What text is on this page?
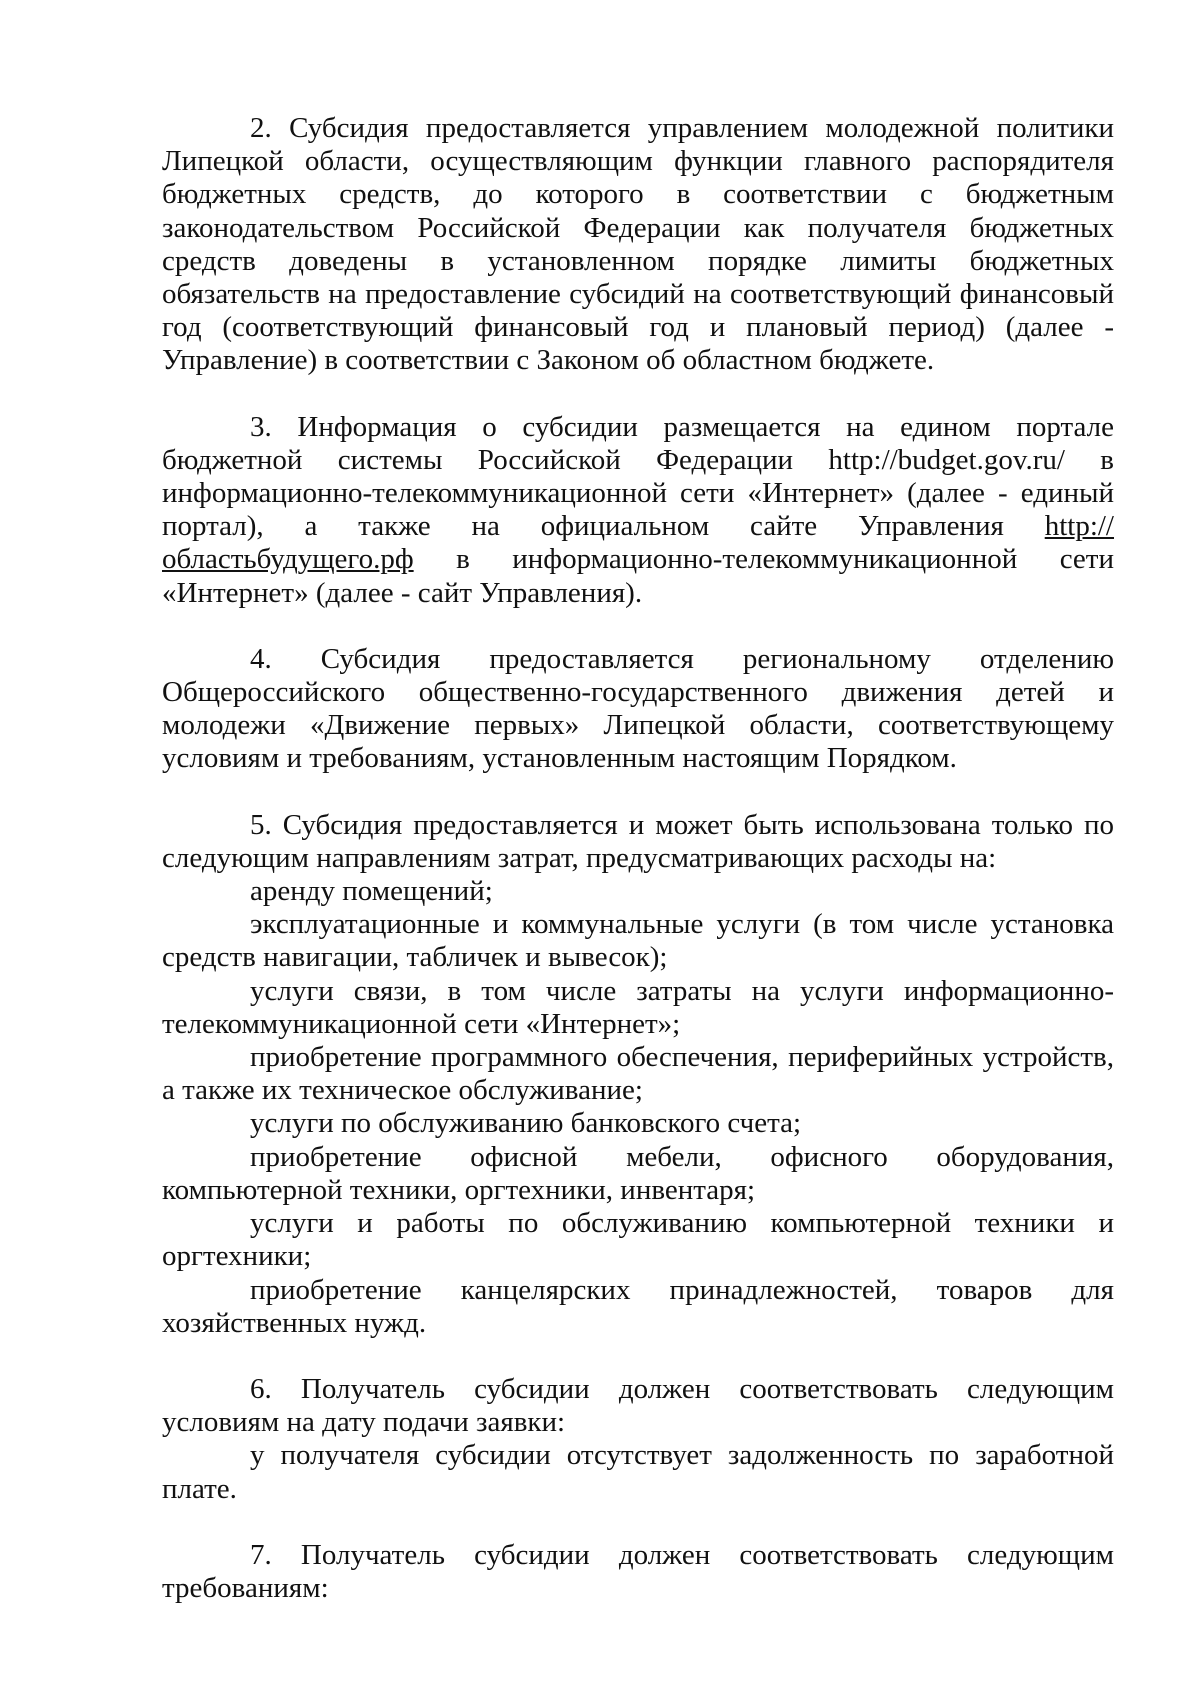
2. Субсидия предоставляется управлением молодежной политики Липецкой области, осуществляющим функции главного распорядителя бюджетных средств, до которого в соответствии с бюджетным законодательством Российской Федерации как получателя бюджетных средств доведены в установленном порядке лимиты бюджетных обязательств на предоставление субсидий на соответствующий финансовый год (соответствующий финансовый год и плановый период) (далее - Управление) в соответствии с Законом об областном бюджете.

3. Информация о субсидии размещается на едином портале бюджетной системы Российской Федерации http://budget.gov.ru/ в информационно-телекоммуникационной сети «Интернет» (далее - единый портал), а также на официальном сайте Управления http://областьбудущего.рф в информационно-телекоммуникационной сети «Интернет» (далее - сайт Управления).

4. Субсидия предоставляется региональному отделению Общероссийского общественно-государственного движения детей и молодежи «Движение первых» Липецкой области, соответствующему условиям и требованиям, установленным настоящим Порядком.

5. Субсидия предоставляется и может быть использована только по следующим направлениям затрат, предусматривающих расходы на:

аренду помещений;

эксплуатационные и коммунальные услуги (в том числе установка средств навигации, табличек и вывесок);

услуги связи, в том числе затраты на услуги информационно-телекоммуникационной сети «Интернет»;

приобретение программного обеспечения, периферийных устройств, а также их техническое обслуживание;

услуги по обслуживанию банковского счета;

приобретение офисной мебели, офисного оборудования, компьютерной техники, оргтехники, инвентаря;

услуги и работы по обслуживанию компьютерной техники и оргтехники;

приобретение канцелярских принадлежностей, товаров для хозяйственных нужд.

6. Получатель субсидии должен соответствовать следующим условиям на дату подачи заявки:

у получателя субсидии отсутствует задолженность по заработной плате.

7. Получатель субсидии должен соответствовать следующим требованиям:
